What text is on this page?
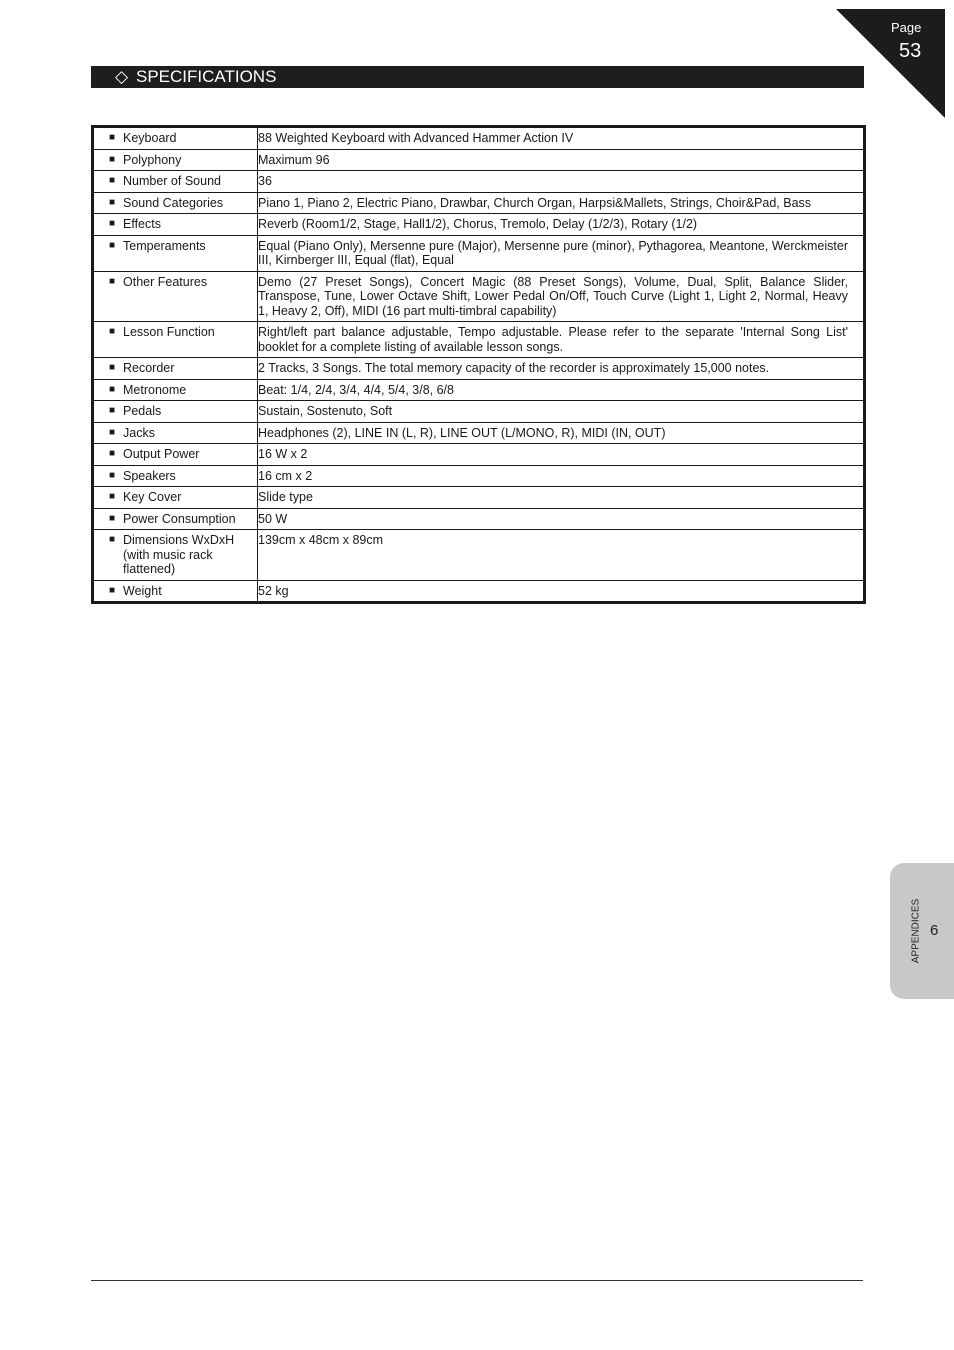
Page
53
◇ SPECIFICATIONS
■ Keyboard	88 Weighted Keyboard with Advanced Hammer Action IV

■ Polyphony	Maximum 96

■ Number of Sound	36

■ Sound Categories	Piano 1, Piano 2, Electric Piano, Drawbar, Church Organ, Harpsi&Mallets, Strings, Choir&Pad, Bass

■ Effects	Reverb (Room1/2, Stage, Hall1/2), Chorus, Tremolo, Delay (1/2/3), Rotary (1/2)

■ Temperaments	Equal (Piano Only), Mersenne pure (Major), Mersenne pure (minor), Pythagorea, Meantone, Werckmeister III, Kirnberger III, Equal (flat), Equal

■ Other Features	Demo (27 Preset Songs), Concert Magic (88 Preset Songs), Volume, Dual, Split, Balance Slider, Transpose, Tune, Lower Octave Shift, Lower Pedal On/Off, Touch Curve (Light 1, Light 2, Normal, Heavy 1, Heavy 2, Off), MIDI (16 part multi-timbral capability)

■ Lesson Function	Right/left part balance adjustable, Tempo adjustable. Please refer to the separate 'Internal Song List' booklet for a complete listing of available lesson songs.

■ Recorder	2 Tracks, 3 Songs. The total memory capacity of the recorder is approximately 15,000 notes.

■ Metronome	Beat: 1/4, 2/4, 3/4, 4/4, 5/4, 3/8, 6/8

■ Pedals	Sustain, Sostenuto, Soft

■ Jacks	Headphones (2), LINE IN (L, R), LINE OUT (L/MONO, R), MIDI (IN, OUT)

■ Output Power	16 W x 2

■ Speakers	16 cm x 2

■ Key Cover	Slide type

■ Power Consumption	50 W

■ Dimensions WxDxH (with music rack flattened)	139cm x 48cm x 89cm

■ Weight	52 kg
APPENDICES 6
